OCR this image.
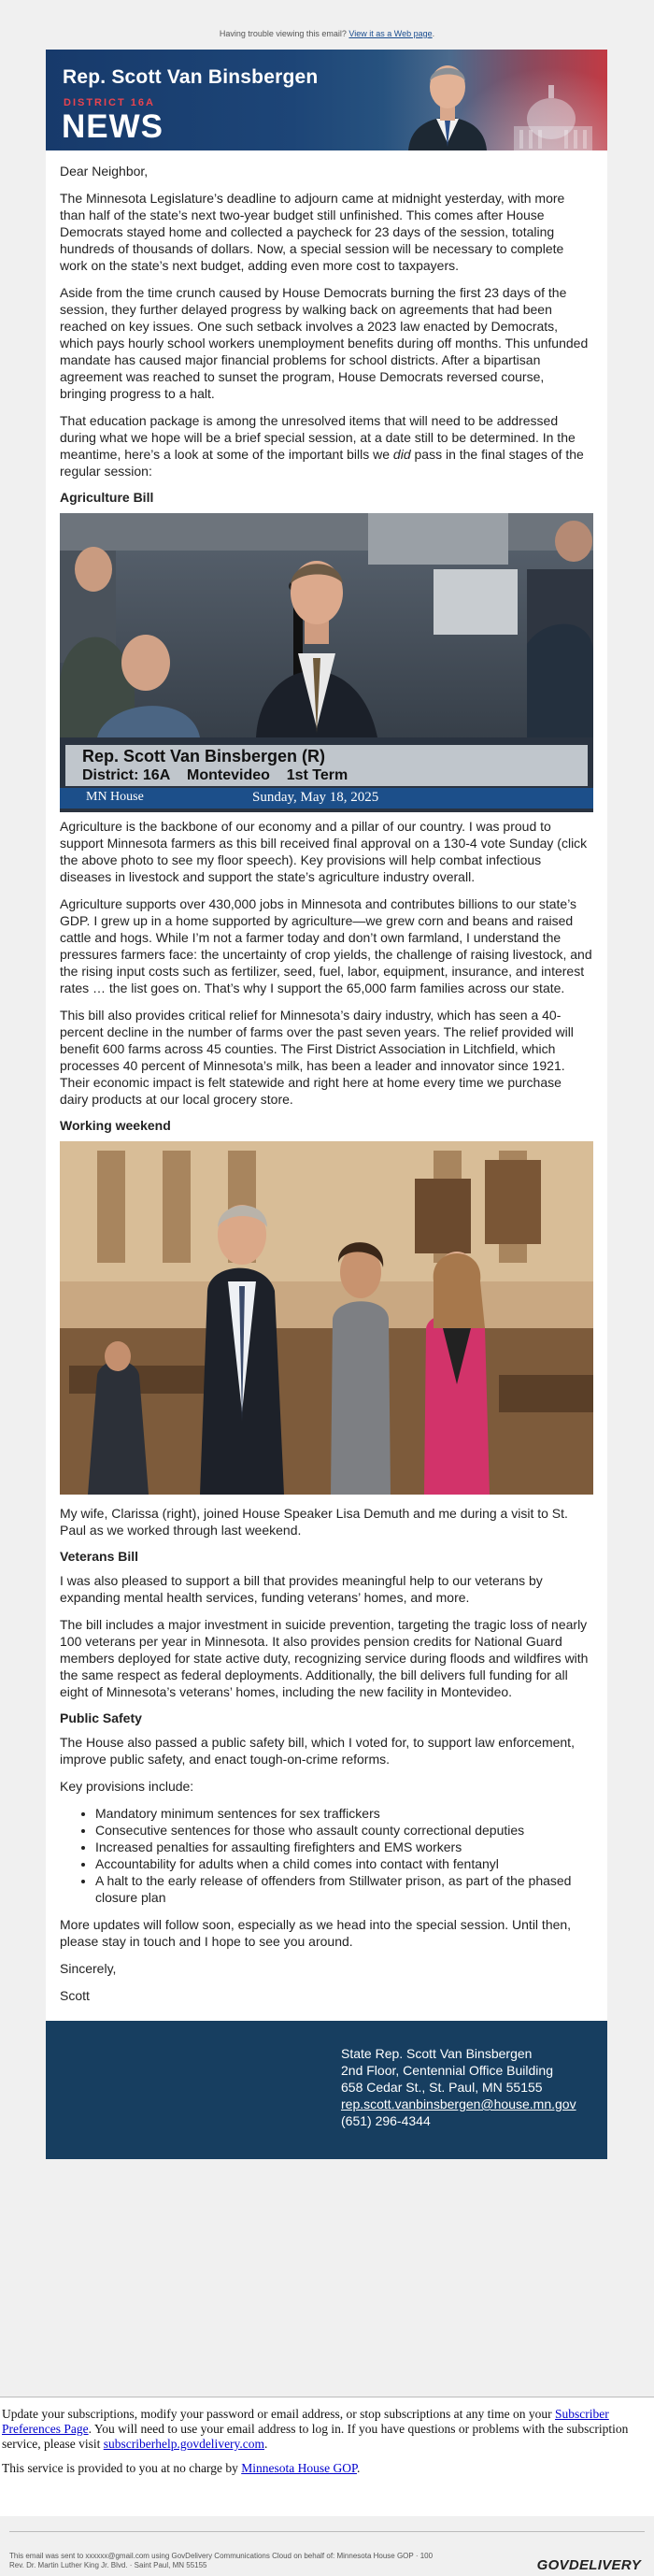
Having trouble viewing this email? View it as a Web page.
Rep. Scott Van Binsbergen
DISTRICT 16A
NEWS

Dear Neighbor,

The Minnesota Legislature’s deadline to adjourn came at midnight yesterday, with more than half of the state’s next two-year budget still unfinished. This comes after House Democrats stayed home and collected a paycheck for 23 days of the session, totaling hundreds of thousands of dollars. Now, a special session will be necessary to complete work on the state’s next budget, adding even more cost to taxpayers.

Aside from the time crunch caused by House Democrats burning the first 23 days of the session, they further delayed progress by walking back on agreements that had been reached on key issues. One such setback involves a 2023 law enacted by Democrats, which pays hourly school workers unemployment benefits during off months. This unfunded mandate has caused major financial problems for school districts. After a bipartisan agreement was reached to sunset the program, House Democrats reversed course, bringing progress to a halt.

That education package is among the unresolved items that will need to be addressed during what we hope will be a brief special session, at a date still to be determined. In the meantime, here’s a look at some of the important bills we did pass in the final stages of the regular session:

Agriculture Bill
Rep. Scott Van Binsbergen (R)
District: 16A Montevideo 1st Term
MN House	Sunday, May 18, 2025

Agriculture is the backbone of our economy and a pillar of our country. I was proud to support Minnesota farmers as this bill received final approval on a 130-4 vote Sunday (click the above photo to see my floor speech). Key provisions will help combat infectious diseases in livestock and support the state’s agriculture industry overall.

Agriculture supports over 430,000 jobs in Minnesota and contributes billions to our state’s GDP. I grew up in a home supported by agriculture—we grew corn and beans and raised cattle and hogs. While I’m not a farmer today and don’t own farmland, I understand the pressures farmers face: the uncertainty of crop yields, the challenge of raising livestock, and the rising input costs such as fertilizer, seed, fuel, labor, equipment, insurance, and interest rates … the list goes on. That’s why I support the 65,000 farm families across our state.

This bill also provides critical relief for Minnesota’s dairy industry, which has seen a 40-percent decline in the number of farms over the past seven years. The relief provided will benefit 600 farms across 45 counties. The First District Association in Litchfield, which processes 40 percent of Minnesota’s milk, has been a leader and innovator since 1921. Their economic impact is felt statewide and right here at home every time we purchase dairy products at our local grocery store.

Working weekend

My wife, Clarissa (right), joined House Speaker Lisa Demuth and me during a visit to St. Paul as we worked through last weekend.

Veterans Bill

I was also pleased to support a bill that provides meaningful help to our veterans by expanding mental health services, funding veterans’ homes, and more.

The bill includes a major investment in suicide prevention, targeting the tragic loss of nearly 100 veterans per year in Minnesota. It also provides pension credits for National Guard members deployed for state active duty, recognizing service during floods and wildfires with the same respect as federal deployments. Additionally, the bill delivers full funding for all eight of Minnesota’s veterans’ homes, including the new facility in Montevideo.

Public Safety

The House also passed a public safety bill, which I voted for, to support law enforcement, improve public safety, and enact tough-on-crime reforms.

Key provisions include:

• Mandatory minimum sentences for sex traffickers
• Consecutive sentences for those who assault county correctional deputies
• Increased penalties for assaulting firefighters and EMS workers
• Accountability for adults when a child comes into contact with fentanyl
• A halt to the early release of offenders from Stillwater prison, as part of the phased closure plan

More updates will follow soon, especially as we head into the special session. Until then, please stay in touch and I hope to see you around.

Sincerely,

Scott

State Rep. Scott Van Binsbergen
2nd Floor, Centennial Office Building
658 Cedar St., St. Paul, MN 55155
rep.scott.vanbinsbergen@house.mn.gov
(651) 296-4344

Update your subscriptions, modify your password or email address, or stop subscriptions at any time on your Subscriber Preferences Page. You will need to use your email address to log in. If you have questions or problems with the subscription service, please visit subscriberhelp.govdelivery.com.

This service is provided to you at no charge by Minnesota House GOP.

This email was sent to xxxxxx@gmail.com using GovDelivery Communications Cloud on behalf of: Minnesota House GOP · 100
Rev. Dr. Martin Luther King Jr. Blvd. · Saint Paul, MN 55155	GOVDELIVERY
